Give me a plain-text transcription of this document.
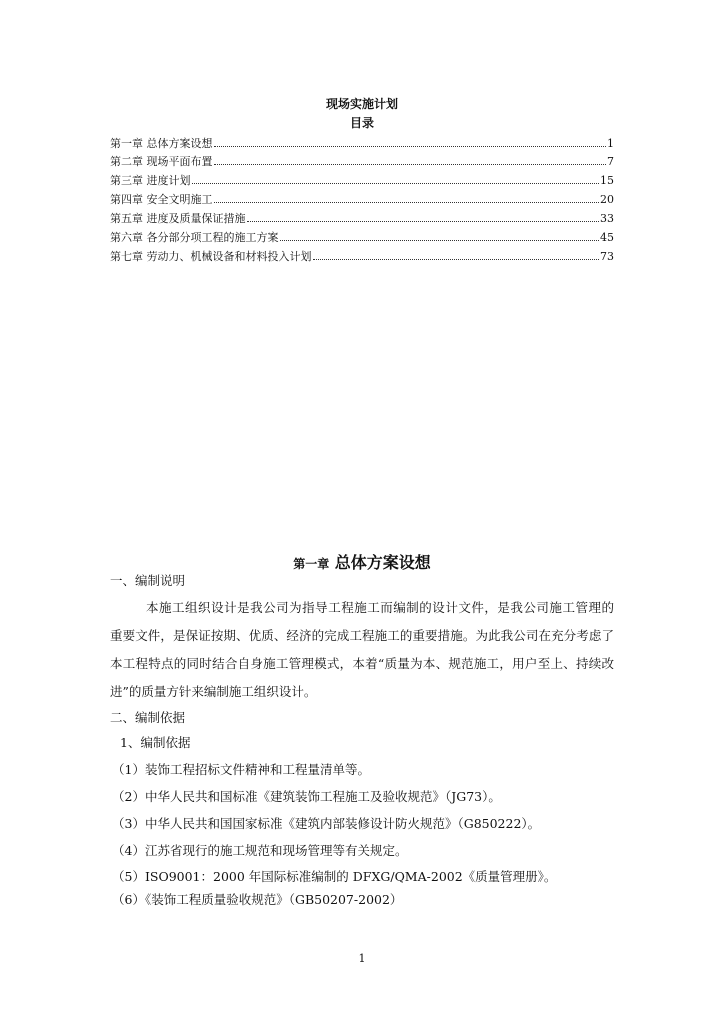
现场实施计划
目录
第一章 总体方案设想	1
第二章 现场平面布置	7
第三章 进度计划	15
第四章 安全文明施工	20
第五章 进度及质量保证措施	33
第六章 各分部分项工程的施工方案	45
第七章 劳动力、机械设备和材料投入计划	73
第一章 总体方案设想
一、编制说明
本施工组织设计是我公司为指导工程施工而编制的设计文件，是我公司施工管理的
重要文件，是保证按期、优质、经济的完成工程施工的重要措施。为此我公司在充分考虑了
本工程特点的同时结合自身施工管理模式，本着“质量为本、规范施工，用户至上、持续改
进”的质量方针来编制施工组织设计。
二、编制依据
1、编制依据
（1）装饰工程招标文件精神和工程量清单等。
（2）中华人民共和国标准《建筑装饰工程施工及验收规范》（JG73）。
（3）中华人民共和国国家标准《建筑内部装修设计防火规范》（G850222）。
（4）江苏省现行的施工规范和现场管理等有关规定。
（5）ISO9001：2000 年国际标准编制的 DFXG/QMA-2002《质量管理册》。
（6）《装饰工程质量验收规范》（GB50207-2002）
1
